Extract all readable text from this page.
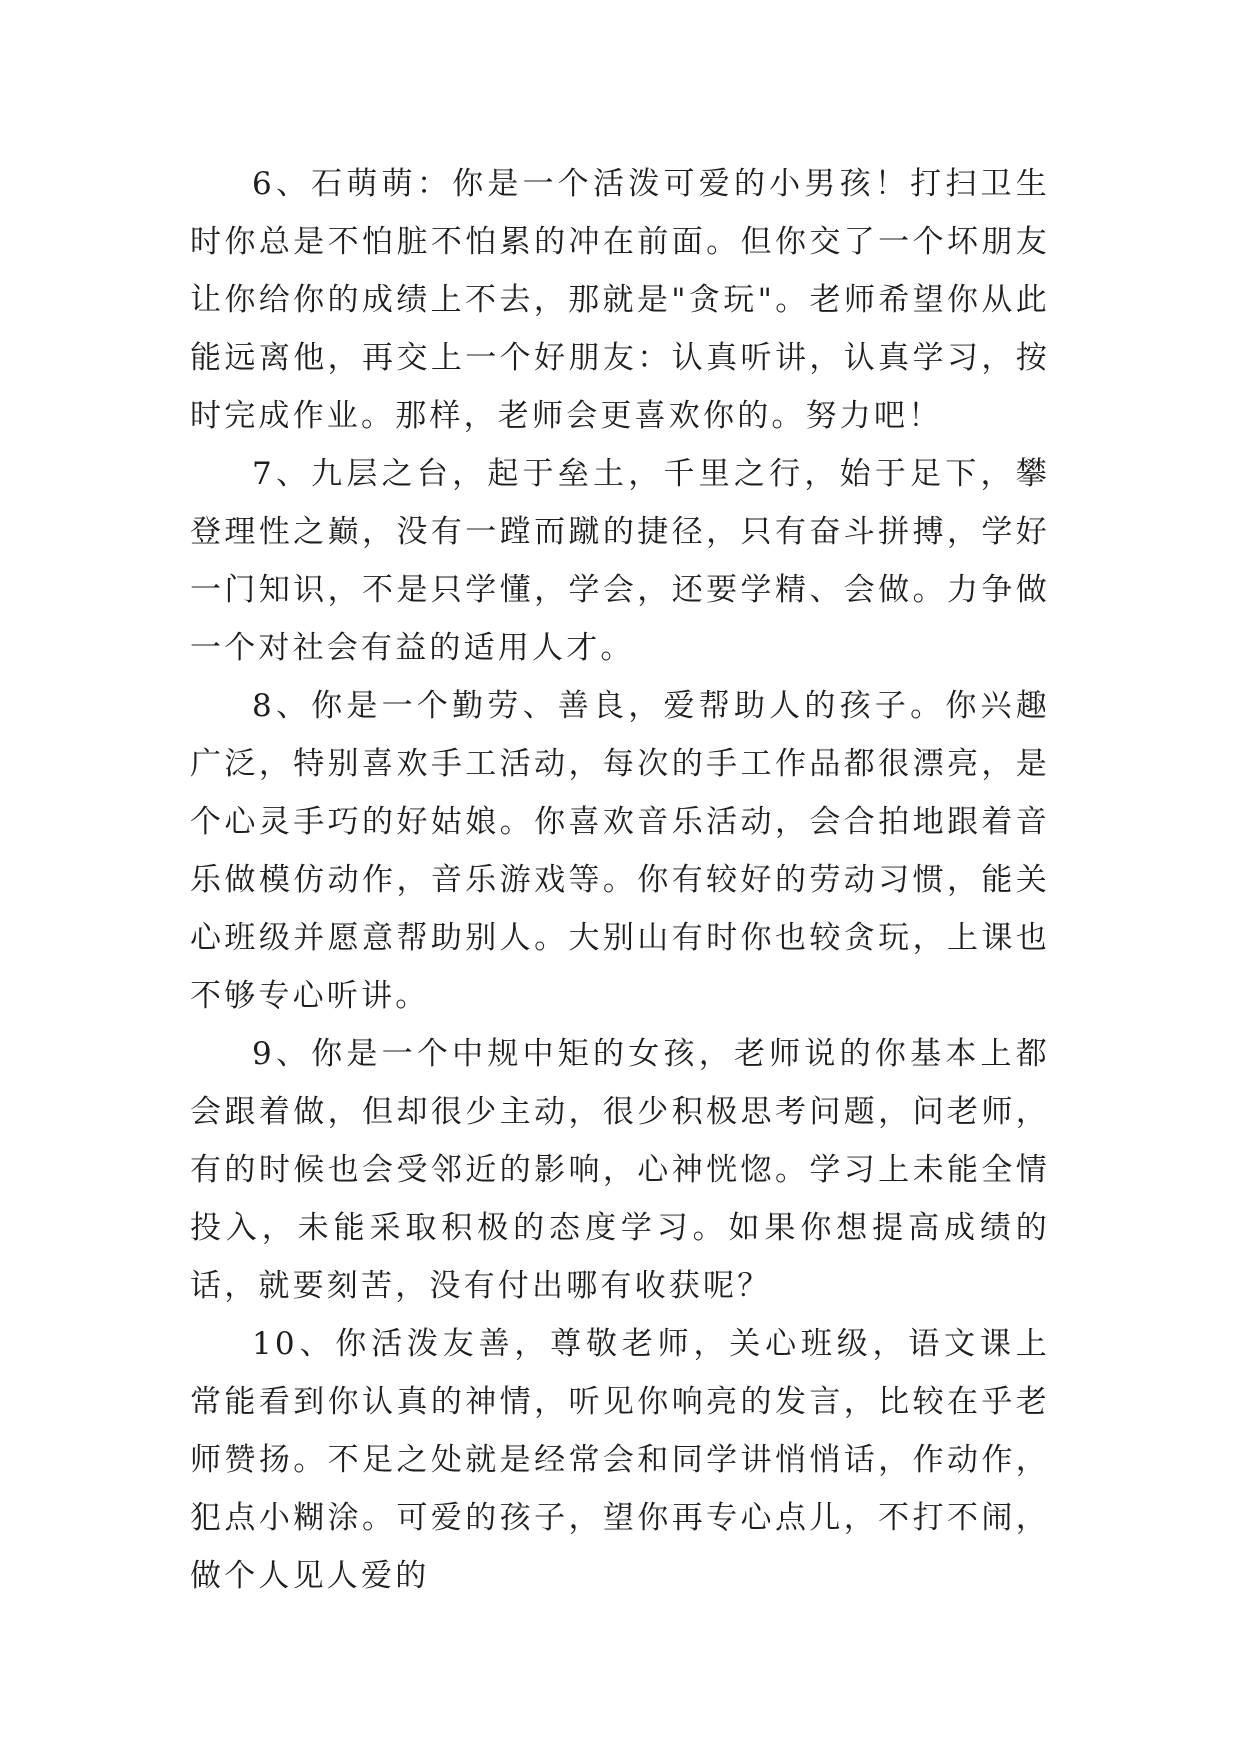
6、石萌萌：你是一个活泼可爱的小男孩！打扫卫生时你总是不怕脏不怕累的冲在前面。但你交了一个坏朋友让你给你的成绩上不去，那就是"贪玩"。老师希望你从此能远离他，再交上一个好朋友：认真听讲，认真学习，按时完成作业。那样，老师会更喜欢你的。努力吧！

7、九层之台，起于垒土，千里之行，始于足下，攀登理性之巅，没有一蹚而蹴的捷径，只有奋斗拼搏，学好一门知识，不是只学懂，学会，还要学精、会做。力争做一个对社会有益的适用人才。

8、你是一个勤劳、善良，爱帮助人的孩子。你兴趣广泛，特别喜欢手工活动，每次的手工作品都很漂亮，是个心灵手巧的好姑娘。你喜欢音乐活动，会合拍地跟着音乐做模仿动作，音乐游戏等。你有较好的劳动习惯，能关心班级并愿意帮助别人。大别山有时你也较贪玩，上课也不够专心听讲。

9、你是一个中规中矩的女孩，老师说的你基本上都会跟着做，但却很少主动，很少积极思考问题，问老师，有的时候也会受邻近的影响，心神恍惚。学习上未能全情投入，未能采取积极的态度学习。如果你想提高成绩的话，就要刻苦，没有付出哪有收获呢？

10、你活泼友善，尊敬老师，关心班级，语文课上常能看到你认真的神情，听见你响亮的发言，比较在乎老师赞扬。不足之处就是经常会和同学讲悄悄话，作动作，犯点小糊涂。可爱的孩子，望你再专心点儿，不打不闹，做个人见人爱的
